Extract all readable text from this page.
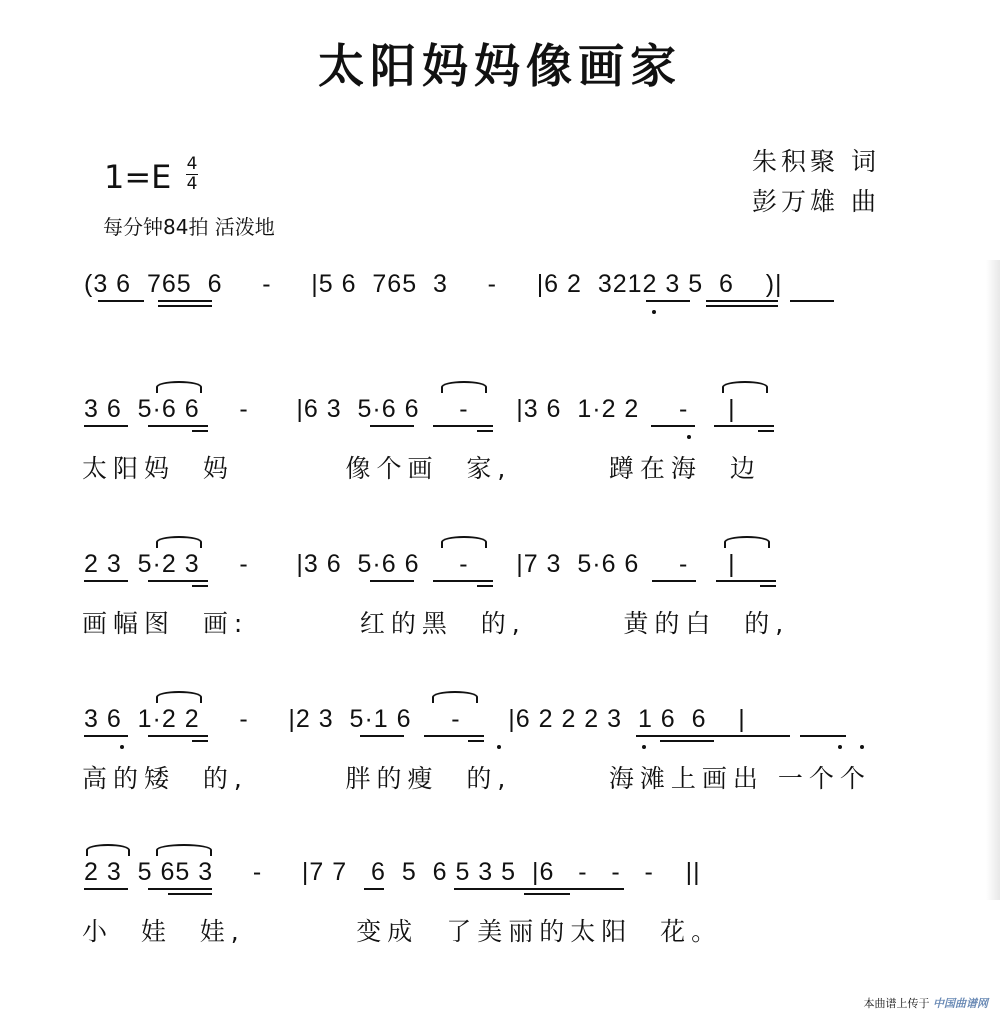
太阳妈妈像画家
朱积聚 词
彭万雄 曲
1=E 4
4
每分钟84拍 活泼地
(3 6  765  6     -     |5 6  765  3     -     |6 2  3212 3 5  6    )|
3 6  5·6 6     -      |6 3  5·6 6     -      |3 6  1·2 2     -     |
太阳妈  妈        像个画  家,       蹲在海  边
2 3  5·2 3     -      |3 6  5·6 6     -      |7 3  5·6 6     -     |
画幅图  画:        红的黑  的,       黄的白  的,
3 6  1·2 2     -     |2 3  5·1 6     -      |6 2 2 2 3  1 6  6    |
高的矮  的,       胖的瘦  的,       海滩上画出 一个个
2 3  5 65 3     -     |7 7   6  5  6 5 3 5  |6   -   -   -    ||
小  娃  娃,        变成  了美丽的太阳  花。
本曲谱上传于 中国曲谱网
